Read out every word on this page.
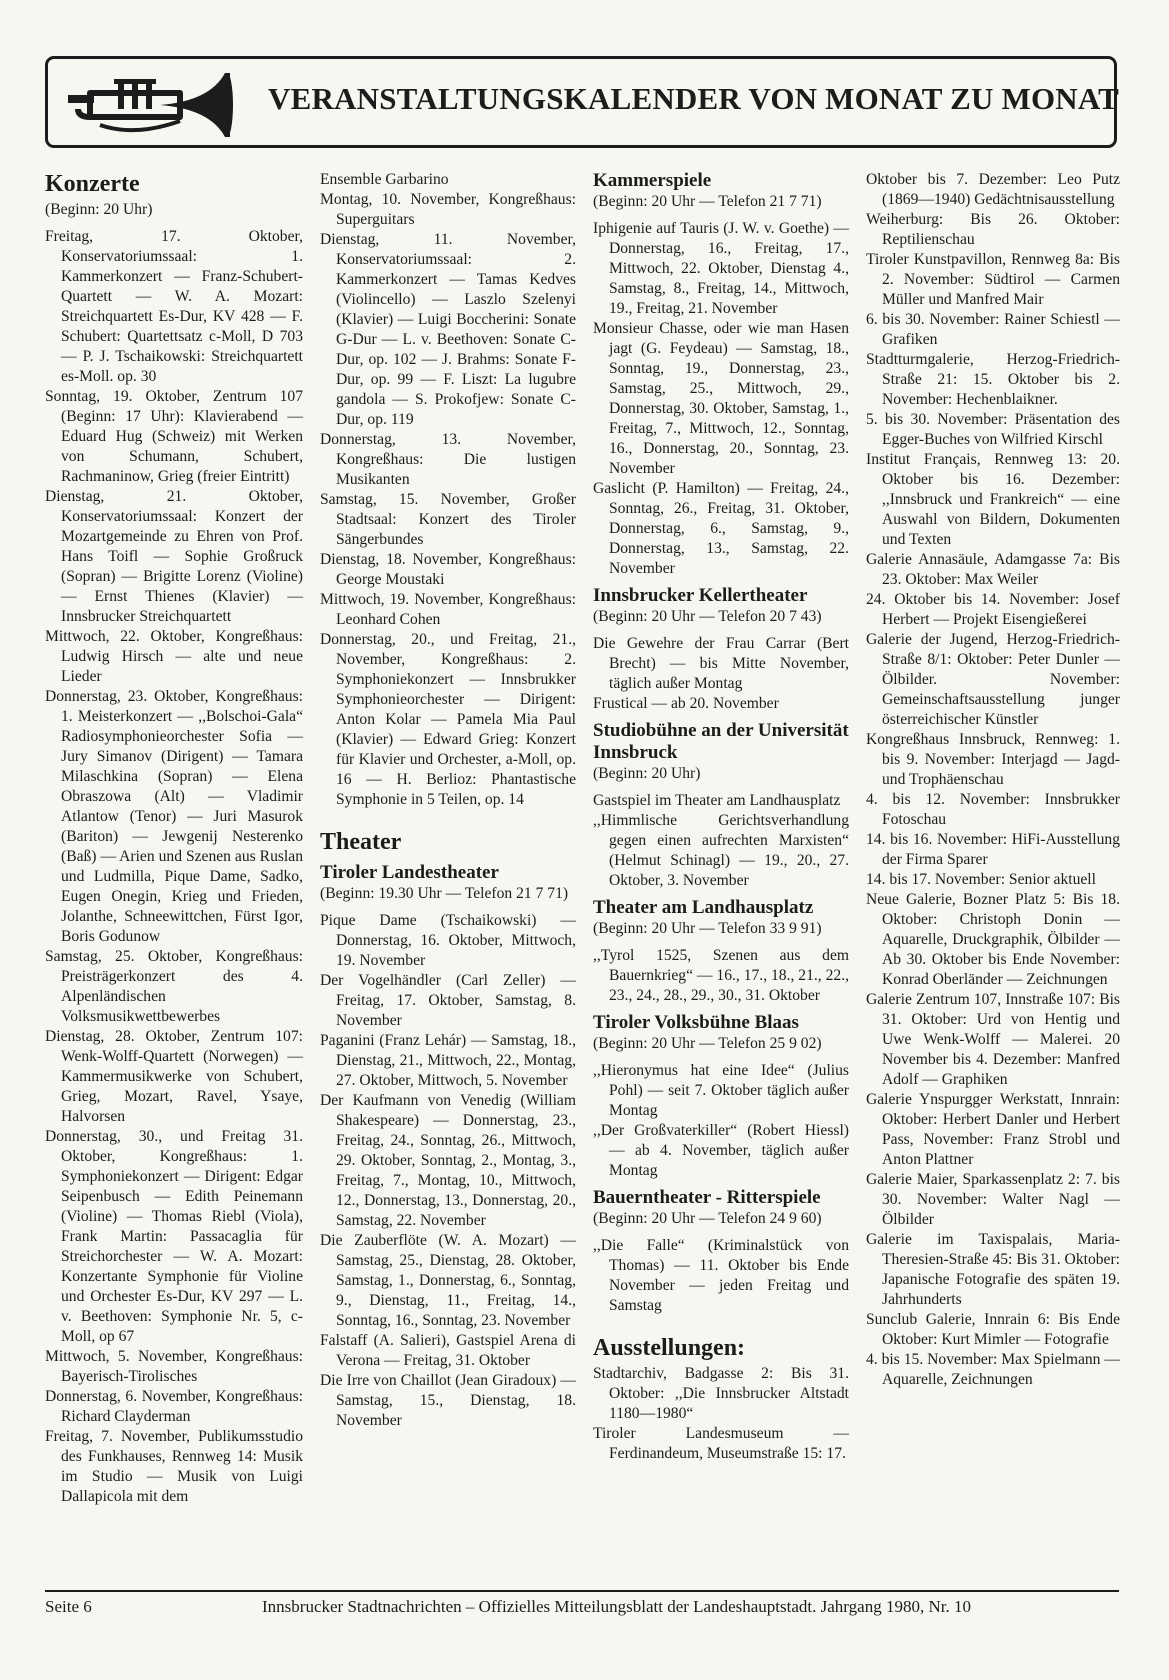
VERANSTALTUNGSKALENDER VON MONAT ZU MONAT
Konzerte
(Beginn: 20 Uhr)
Freitag, 17. Oktober, Konservatoriumssaal: 1. Kammerkonzert — Franz-Schubert-Quartett — W. A. Mozart: Streichquartett Es-Dur, KV 428 — F. Schubert: Quartettsatz c-Moll, D 703 — P. J. Tschaikowski: Streichquartett es-Moll. op. 30
Sonntag, 19. Oktober, Zentrum 107 (Beginn: 17 Uhr): Klavierabend — Eduard Hug (Schweiz) mit Werken von Schumann, Schubert, Rachmaninow, Grieg (freier Eintritt)
Dienstag, 21. Oktober, Konservatoriumssaal: Konzert der Mozartgemeinde zu Ehren von Prof. Hans Toifl — Sophie Großruck (Sopran) — Brigitte Lorenz (Violine) — Ernst Thienes (Klavier) — Innsbrucker Streichquartett
Mittwoch, 22. Oktober, Kongreßhaus: Ludwig Hirsch — alte und neue Lieder
Donnerstag, 23. Oktober, Kongreßhaus: 1. Meisterkonzert — ,,Bolschoi-Gala“ Radiosymphonieorchester Sofia — Jury Simanov (Dirigent) — Tamara Milaschkina (Sopran) — Elena Obraszowa (Alt) — Vladimir Atlantow (Tenor) — Juri Masurok (Bariton) — Jewgenij Nesterenko (Baß) — Arien und Szenen aus Ruslan und Ludmilla, Pique Dame, Sadko, Eugen Onegin, Krieg und Frieden, Jolanthe, Schneewittchen, Fürst Igor, Boris Godunow
Samstag, 25. Oktober, Kongreßhaus: Preisträgerkonzert des 4. Alpenländischen Volksmusikwettbewerbes
Dienstag, 28. Oktober, Zentrum 107: Wenk-Wolff-Quartett (Norwegen) — Kammermusikwerke von Schubert, Grieg, Mozart, Ravel, Ysaye, Halvorsen
Donnerstag, 30., und Freitag 31. Oktober, Kongreßhaus: 1. Symphoniekonzert — Dirigent: Edgar Seipenbusch — Edith Peinemann (Violine) — Thomas Riebl (Viola), Frank Martin: Passacaglia für Streichorchester — W. A. Mozart: Konzertante Symphonie für Violine und Orchester Es-Dur, KV 297 — L. v. Beethoven: Symphonie Nr. 5, c-Moll, op 67
Mittwoch, 5. November, Kongreßhaus: Bayerisch-Tirolisches
Donnerstag, 6. November, Kongreßhaus: Richard Clayderman
Freitag, 7. November, Publikumsstudio des Funkhauses, Rennweg 14: Musik im Studio — Musik von Luigi Dallapicola mit dem
Ensemble Garbarino
Montag, 10. November, Kongreßhaus: Superguitars
Dienstag, 11. November, Konservatoriumssaal: 2. Kammerkonzert — Tamas Kedves (Violincello) — Laszlo Szelenyi (Klavier) — Luigi Boccherini: Sonate G-Dur — L. v. Beethoven: Sonate C-Dur, op. 102 — J. Brahms: Sonate F-Dur, op. 99 — F. Liszt: La lugubre gandola — S. Prokofjew: Sonate C-Dur, op. 119
Donnerstag, 13. November, Kongreßhaus: Die lustigen Musikanten
Samstag, 15. November, Großer Stadtsaal: Konzert des Tiroler Sängerbundes
Dienstag, 18. November, Kongreßhaus: George Moustaki
Mittwoch, 19. November, Kongreßhaus: Leonhard Cohen
Donnerstag, 20., und Freitag, 21., November, Kongreßhaus: 2. Symphoniekonzert — Innsbrukker Symphonieorchester — Dirigent: Anton Kolar — Pamela Mia Paul (Klavier) — Edward Grieg: Konzert für Klavier und Orchester, a-Moll, op. 16 — H. Berlioz: Phantastische Symphonie in 5 Teilen, op. 14
Theater
Tiroler Landestheater
(Beginn: 19.30 Uhr — Telefon 21 7 71)
Pique Dame (Tschaikowski) — Donnerstag, 16. Oktober, Mittwoch, 19. November
Der Vogelhändler (Carl Zeller) — Freitag, 17. Oktober, Samstag, 8. November
Paganini (Franz Lehár) — Samstag, 18., Dienstag, 21., Mittwoch, 22., Montag, 27. Oktober, Mittwoch, 5. November
Der Kaufmann von Venedig (William Shakespeare) — Donnerstag, 23., Freitag, 24., Sonntag, 26., Mittwoch, 29. Oktober, Sonntag, 2., Montag, 3., Freitag, 7., Montag, 10., Mittwoch, 12., Donnerstag, 13., Donnerstag, 20., Samstag, 22. November
Die Zauberflöte (W. A. Mozart) — Samstag, 25., Dienstag, 28. Oktober, Samstag, 1., Donnerstag, 6., Sonntag, 9., Dienstag, 11., Freitag, 14., Sonntag, 16., Sonntag, 23. November
Falstaff (A. Salieri), Gastspiel Arena di Verona — Freitag, 31. Oktober
Die Irre von Chaillot (Jean Giradoux) — Samstag, 15., Dienstag, 18. November
Kammerspiele
(Beginn: 20 Uhr — Telefon 21 7 71)
Iphigenie auf Tauris (J. W. v. Goethe) — Donnerstag, 16., Freitag, 17., Mittwoch, 22. Oktober, Dienstag 4., Samstag, 8., Freitag, 14., Mittwoch, 19., Freitag, 21. November
Monsieur Chasse, oder wie man Hasen jagt (G. Feydeau) — Samstag, 18., Sonntag, 19., Donnerstag, 23., Samstag, 25., Mittwoch, 29., Donnerstag, 30. Oktober, Samstag, 1., Freitag, 7., Mittwoch, 12., Sonntag, 16., Donnerstag, 20., Sonntag, 23. November
Gaslicht (P. Hamilton) — Freitag, 24., Sonntag, 26., Freitag, 31. Oktober, Donnerstag, 6., Samstag, 9., Donnerstag, 13., Samstag, 22. November
Innsbrucker Kellertheater
(Beginn: 20 Uhr — Telefon 20 7 43)
Die Gewehre der Frau Carrar (Bert Brecht) — bis Mitte November, täglich außer Montag
Frustical — ab 20. November
Studiobühne an der Universität Innsbruck
(Beginn: 20 Uhr)
Gastspiel im Theater am Landhausplatz
,,Himmlische Gerichtsverhandlung gegen einen aufrechten Marxisten“ (Helmut Schinagl) — 19., 20., 27. Oktober, 3. November
Theater am Landhausplatz
(Beginn: 20 Uhr — Telefon 33 9 91)
,,Tyrol 1525, Szenen aus dem Bauernkrieg“ — 16., 17., 18., 21., 22., 23., 24., 28., 29., 30., 31. Oktober
Tiroler Volksbühne Blaas
(Beginn: 20 Uhr — Telefon 25 9 02)
,,Hieronymus hat eine Idee“ (Julius Pohl) — seit 7. Oktober täglich außer Montag
,,Der Großvaterkiller“ (Robert Hiessl) — ab 4. November, täglich außer Montag
Bauerntheater - Ritterspiele
(Beginn: 20 Uhr — Telefon 24 9 60)
,,Die Falle“ (Kriminalstück von Thomas) — 11. Oktober bis Ende November — jeden Freitag und Samstag
Ausstellungen:
Stadtarchiv, Badgasse 2: Bis 31. Oktober: ,,Die Innsbrucker Altstadt 1180—1980“
Tiroler Landesmuseum — Ferdinandeum, Museumstraße 15: 17.
Oktober bis 7. Dezember: Leo Putz (1869—1940) Gedächtnisausstellung
Weiherburg: Bis 26. Oktober: Reptilienschau
Tiroler Kunstpavillon, Rennweg 8a: Bis 2. November: Südtirol — Carmen Müller und Manfred Mair
6. bis 30. November: Rainer Schiestl — Grafiken
Stadtturmgalerie, Herzog-Friedrich-Straße 21: 15. Oktober bis 2. November: Hechenblaikner.
5. bis 30. November: Präsentation des Egger-Buches von Wilfried Kirschl
Institut Français, Rennweg 13: 20. Oktober bis 16. Dezember: ,,Innsbruck und Frankreich“ — eine Auswahl von Bildern, Dokumenten und Texten
Galerie Annasäule, Adamgasse 7a: Bis 23. Oktober: Max Weiler
24. Oktober bis 14. November: Josef Herbert — Projekt Eisengießerei
Galerie der Jugend, Herzog-Friedrich-Straße 8/1: Oktober: Peter Dunler — Ölbilder. November: Gemeinschaftsausstellung junger österreichischer Künstler
Kongreßhaus Innsbruck, Rennweg: 1. bis 9. November: Interjagd — Jagd- und Trophäenschau
4. bis 12. November: Innsbrukker Fotoschau
14. bis 16. November: HiFi-Ausstellung der Firma Sparer
14. bis 17. November: Senior aktuell
Neue Galerie, Bozner Platz 5: Bis 18. Oktober: Christoph Donin — Aquarelle, Druckgraphik, Ölbilder — Ab 30. Oktober bis Ende November: Konrad Oberländer — Zeichnungen
Galerie Zentrum 107, Innstraße 107: Bis 31. Oktober: Urd von Hentig und Uwe Wenk-Wolff — Malerei. 20 November bis 4. Dezember: Manfred Adolf — Graphiken
Galerie Ynspurgger Werkstatt, Innrain: Oktober: Herbert Danler und Herbert Pass, November: Franz Strobl und Anton Plattner
Galerie Maier, Sparkassenplatz 2: 7. bis 30. November: Walter Nagl — Ölbilder
Galerie im Taxispalais, Maria-Theresien-Straße 45: Bis 31. Oktober: Japanische Fotografie des späten 19. Jahrhunderts
Sunclub Galerie, Innrain 6: Bis Ende Oktober: Kurt Mimler — Fotografie
4. bis 15. November: Max Spielmann — Aquarelle, Zeichnungen
Seite 6	Innsbrucker Stadtnachrichten – Offizielles Mitteilungsblatt der Landeshauptstadt. Jahrgang 1980, Nr. 10
